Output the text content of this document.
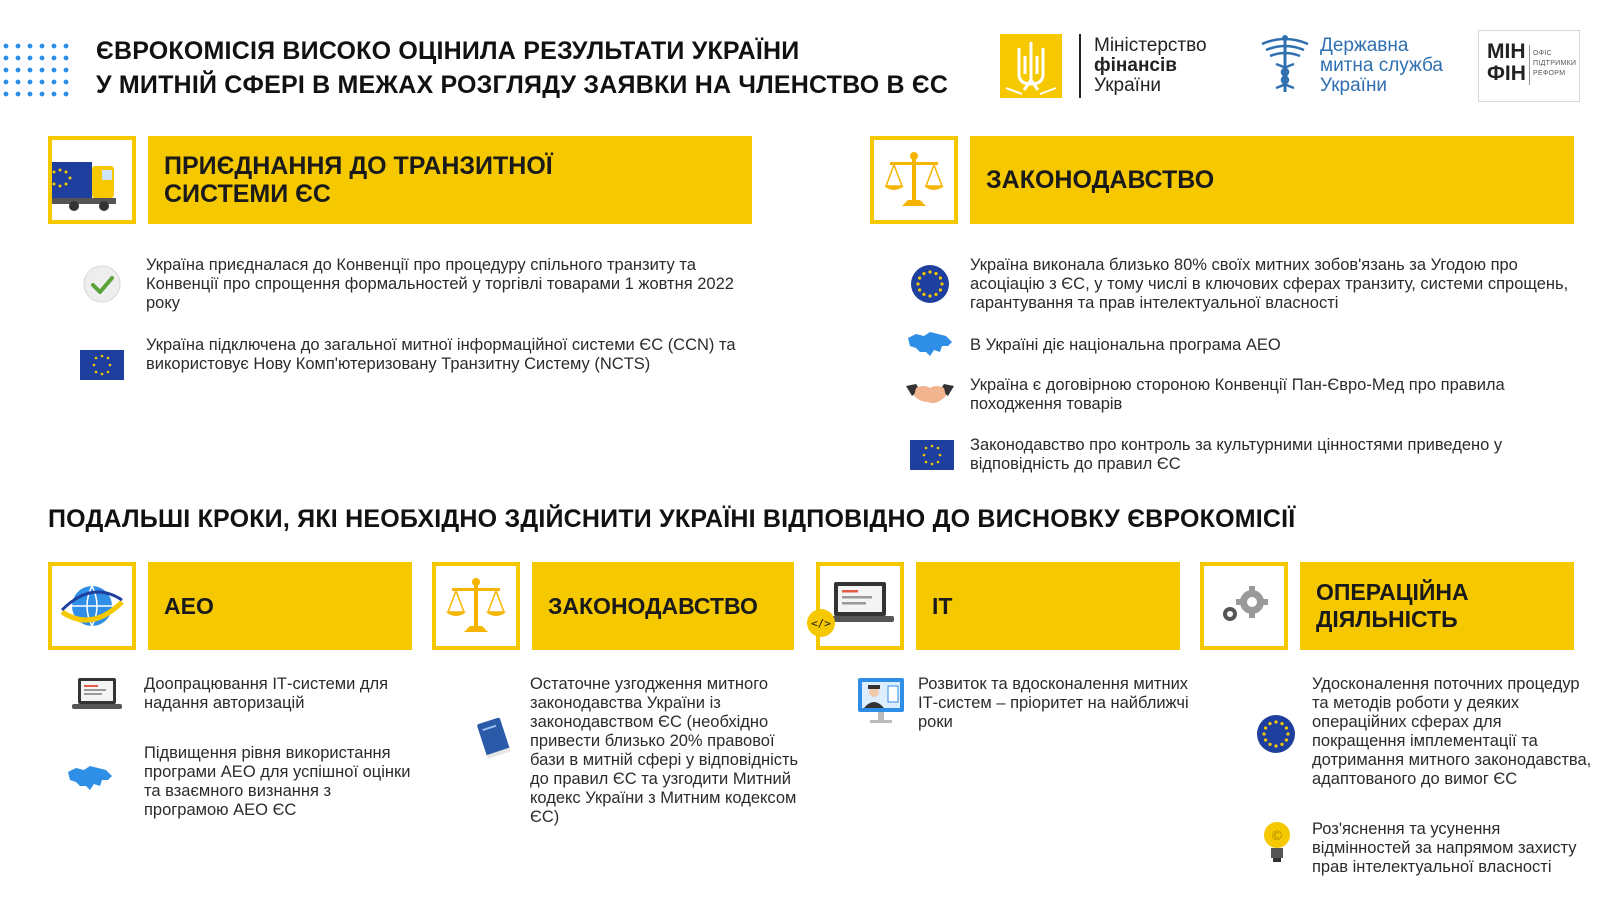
ЄВРОКОМІСІЯ ВИСОКО ОЦІНИЛА РЕЗУЛЬТАТИ УКРАЇНИ
У МИТНІЙ СФЕРІ В МЕЖАХ РОЗГЛЯДУ ЗАЯВКИ НА ЧЛЕНСТВО В ЄС
Міністерство
фінансів
України
Державна
митна служба
України
МІН
ФІН
ОФІС
ПІДТРИМКИ
РЕФОРМ
ПРИЄДНАННЯ ДО ТРАНЗИТНОЇ
СИСТЕМИ ЄС
Україна приєдналася до Конвенції про процедуру спільного транзиту та Конвенції про спрощення формальностей у торгівлі товарами 1 жовтня 2022 року
Україна підключена до загальної митної інформаційної системи ЄС (CCN) та використовує Нову Комп'ютеризовану Транзитну Систему (NCTS)
ЗАКОНОДАВСТВО
Україна виконала близько 80% своїх митних зобов'язань за Угодою про асоціацію з ЄС, у тому числі в ключових сферах транзиту, системи спрощень, гарантування та прав інтелектуальної власності
В Україні діє національна програма АЕО
Україна є договірною стороною Конвенції Пан-Євро-Мед про правила походження товарів
Законодавство про контроль за культурними цінностями приведено у відповідність до правил ЄС
ПОДАЛЬШІ КРОКИ, ЯКІ НЕОБХІДНО ЗДІЙСНИТИ УКРАЇНІ ВІДПОВІДНО ДО ВИСНОВКУ ЄВРОКОМІСІЇ
АЕО
Доопрацювання ІТ-системи для надання авторизацій
Підвищення рівня використання програми АЕО для успішної оцінки та взаємного визнання з програмою АЕО ЄС
ЗАКОНОДАВСТВО
Остаточне узгодження митного законодавства України із законодавством ЄС (необхідно привести близько 20% правової бази в митній сфері у відповідність до правил ЄС та узгодити Митний кодекс України з Митним кодексом ЄС)
</>
ІТ
Розвиток та вдосконалення митних ІТ-систем – пріоритет на найближчі роки
ОПЕРАЦІЙНА
ДІЯЛЬНІСТЬ
Удосконалення поточних процедур та методів роботи у деяких операційних сферах для покращення імплементації та дотримання митного законодавства, адаптованого до вимог ЄС
© Роз'яснення та усунення відмінностей за напрямом захисту прав інтелектуальної власності
